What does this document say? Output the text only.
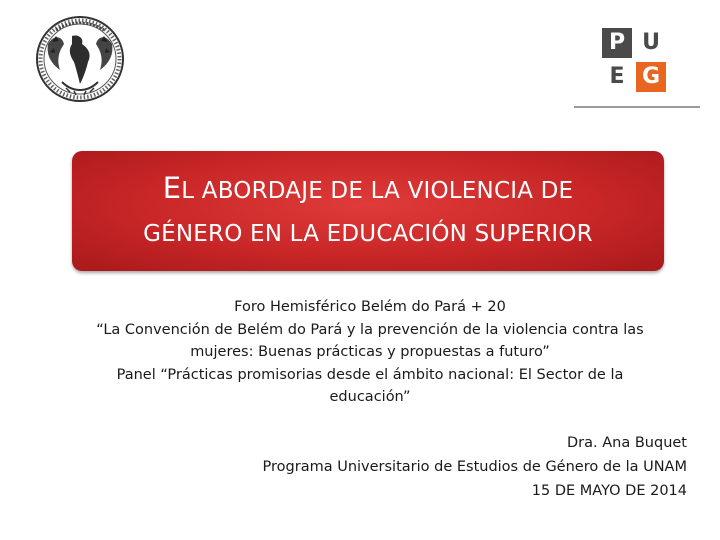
P U
E G
EL ABORDAJE DE LA VIOLENCIA DE
GÉNERO EN LA EDUCACIÓN SUPERIOR
Foro Hemisférico Belém do Pará + 20
“La Convención de Belém do Pará y la prevención de la violencia contra las
mujeres: Buenas prácticas y propuestas a futuro”
Panel “Prácticas promisorias desde el ámbito nacional: El Sector de la
educación”
Dra. Ana Buquet
Programa Universitario de Estudios de Género de la UNAM
15 DE MAYO DE 2014
